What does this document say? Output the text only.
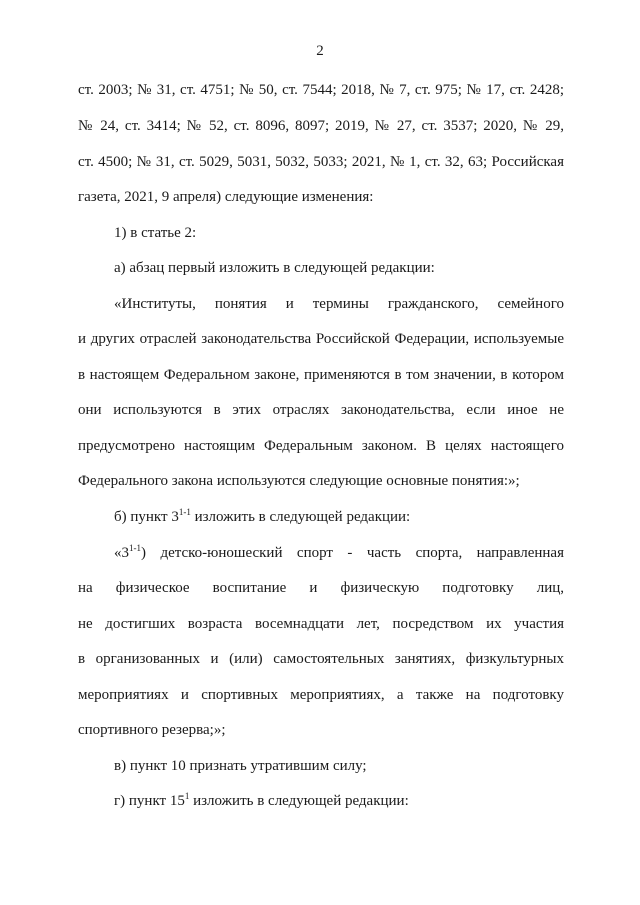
2
ст. 2003; № 31, ст. 4751; № 50, ст. 7544; 2018, № 7, ст. 975; № 17, ст. 2428;
№ 24, ст. 3414; № 52, ст. 8096, 8097; 2019, № 27, ст. 3537; 2020, № 29,
ст. 4500; № 31, ст. 5029, 5031, 5032, 5033; 2021, № 1, ст. 32, 63; Российская
газета, 2021, 9 апреля) следующие изменения:
1) в статье 2:
а) абзац первый изложить в следующей редакции:
«Институты, понятия и термины гражданского, семейного
и других отраслей законодательства Российской Федерации, используемые
в настоящем Федеральном законе, применяются в том значении, в котором
они используются в этих отраслях законодательства, если иное не
предусмотрено настоящим Федеральным законом. В целях настоящего
Федерального закона используются следующие основные понятия:»;
б) пункт 3$^{1-1}$ изложить в следующей редакции:
«3$^{1-1}$) детско-юношеский спорт - часть спорта, направленная
на физическое воспитание и физическую подготовку лиц,
не достигших возраста восемнадцати лет, посредством их участия
в организованных и (или) самостоятельных занятиях, физкультурных
мероприятиях и спортивных мероприятиях, а также на подготовку
спортивного резерва;»;
в) пункт 10 признать утратившим силу;
г) пункт $15^1$ изложить в следующей редакции:
